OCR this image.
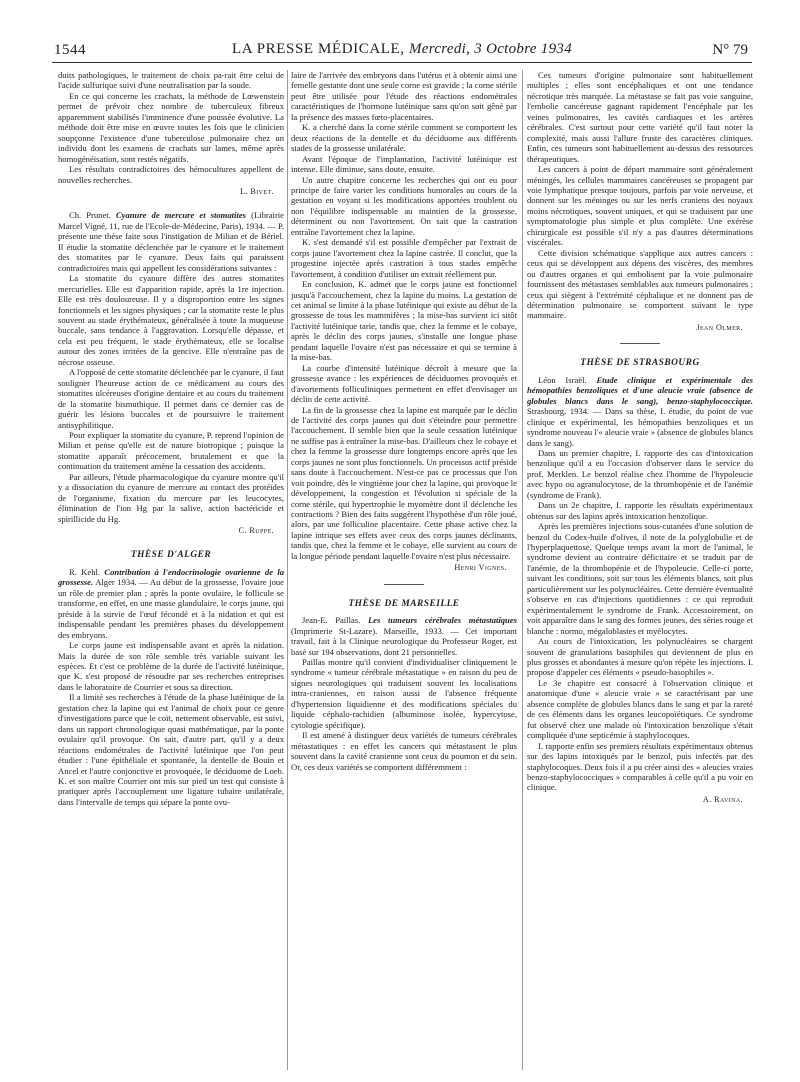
1544	LA PRESSE MÉDICALE, Mercredi, 3 Octobre 1934	N° 79

duits pathologiques, le traitement de choix pa-rait être celui de l'acide sulfurique suivi d'une neutralisation par la soude.

En ce qui concerne les crachats, la méthode de Lœwenstein permet de prévoir chez nombre de tuberculeux fibreux apparemment stabilisés l'imminence d'une poussée évolutive. La méthode doit être mise en œuvre toutes les fois que le clinicien soupçonne l'existence d'une tuberculose pulmonaire chez un individu dont les examens de crachats sur lames, même après homogénéisation, sont restés négatifs.

Les résultats contradictoires des hémocultures appellent de nouvelles recherches.

L. Bivet.

Ch. Prunet. Cyanure de mercure et stomatites (Librairie Marcel Vigné, 11, rue de l'Ecole-de-Médecine, Paris), 1934. — P. présente une thèse faite sous l'instigation de Milian et de Bériel. Il étudie la stomatite déclenchée par le cyanure et le traitement des stomatites par le cyanure. Deux faits qui paraissent contradictoires mais qui appellent les considérations suivantes :

La stomatite du cyanure diffère des autres stomatites mercurielles. Elle est d'apparition rapide, après la 1re injection. Elle est très douloureuse. Il y a disproportion entre les signes fonctionnels et les signes physiques ; car la stomatite reste le plus souvent au stade érythémateux, généralisée à toute la muqueuse buccale, sans tendance à l'aggravation. Lorsqu'elle dépasse, et cela est peu fréquent, le stade érythémateux, elle se localise autour des zones irritées de la gencive. Elle n'entraîne pas de nécrose osseuse.

A l'opposé de cette stomatite déclenchée par le cyanure, il faut souligner l'heureuse action de ce médicament au cours des stomatites ulcéreuses d'origine dentaire et au cours du traitement de la stomatite bismuthique. Il permet dans ce dernier cas de guérir les lésions buccales et de poursuivre le traitement antisyphilitique.

Pour expliquer la stomatite du cyanure, P. reprend l'opinion de Milian et pense qu'elle est de nature biotropique ; puisque la stomatite apparaît précocement, brutalement et que la continuation du traitement amène la cessation des accidents.

Par ailleurs, l'étude pharmacologique du cyanure montre qu'il y a dissociation du cyanure de mercure au contact des protéides de l'organisme, fixation du mercure par les leucocytes, élimination de l'ion Hg par la salive, action bactéricide et spirillicide du Hg.

C. Ruppe.
THÈSE D'ALGER

R. Kehl. Contribution à l'endocrinologie ovarienne de la grossesse. Alger 1934. — Au début de la grossesse, l'ovaire joue un rôle de premier plan ; après la ponte ovulaire, le follicule se transforme, en effet, en une masse glandulaire, le corps jaune, qui préside à la survie de l'œuf fécondé et à la nidation et qui est indispensable pendant les premières phases du développement des embryons.

Le corps jaune est indispensable avant et après la nidation. Mais la durée de son rôle semble très variable suivant les espèces. Et c'est ce problème de la durée de l'activité lutéinique, que K. s'est proposé de résoudre par ses recherches entreprises dans le laboratoire de Courrier et sous sa direction.

Il a limité ses recherches à l'étude de la phase lutéinique de la gestation chez la lapine qui est l'animal de choix pour ce genre d'investigations parce que le coït, nettement observable, est suivi, dans un rapport chronologique quasi mathématique, par la ponte ovulaire qu'il provoque. On sait, d'autre part, qu'il y a deux réactions endométrales de l'activité lutéinique que l'on peut étudier : l'une épithéliale et spontanée, la dentelle de Bouin et Ancel et l'autre conjonctive et provoquée, le déciduome de Loeb. K. et son maître Courrier ont mis sur pied un test qui consiste à pratiquer après l'accouplement une ligature tubaire unilatérale, dans l'intervalle de temps qui sépare la ponte ovu-

laire de l'arrivée des embryons dans l'utérus et à obtenir ainsi une femelle gestante dont une seule corne est gravide ; la corne stérile peut être utilisée pour l'étude des réactions endométrales caractéristiques de l'hormone lutéinique sans qu'on soit gêné par la présence des masses fœto-placentaires.

K. a cherché dans la corne stérile comment se comportent les deux réactions de la dentelle et du déciduome aux différents stades de la grossesse unilatérale.

Avant l'époque de l'implantation, l'activité lutéinique est intense. Elle diminue, sans doute, ensuite.

Un autre chapitre concerne les recherches qui ont eu pour principe de faire varier les conditions humorales au cours de la gestation en voyant si les modifications apportées troublent ou non l'équilibre indispensable au maintien de la grossesse, déterminent ou non l'avortement. On sait que la castration entraîne l'avortement chez la lapine.

K. s'est demandé s'il est possible d'empêcher par l'extrait de corps jaune l'avortement chez la lapine castrée. Il conclut, que la progestine injectée après castration à tous stades empêche l'avortement, à condition d'utiliser un extrait réellement pur.

En conclusion, K. admet que le corps jaune est fonctionnel jusqu'à l'accouchement, chez la lapine du moins. La gestation de cet animal se limite à la phase lutéinique qui existe au début de la grossesse de tous les mammifères ; la mise-bas survient ici sitôt l'activité lutéinique tarie, tandis que, chez la femme et le cobaye, après le déclin des corps jaunes, s'installe une longue phase pendant laquelle l'ovaire n'est pas nécessaire et qui se termine à la mise-bas.

La courbe d'intensité lutéinique décroît à mesure que la grossesse avance : les expériences de déciduomes provoqués et d'avortements folliculiniques permettent en effet d'envisager un déclin de cette activité.

La fin de la grossesse chez la lapine est marquée par le déclin de l'activité des corps jaunes qui doit s'éteindre pour permettre l'accouchement. Il semble bien que la seule cessation lutéinique ne suffise pas à entraîner la mise-bas. D'ailleurs chez le cobaye et chez la femme la grossesse dure longtemps encore après que les corps jaunes ne sont plus fonctionnels. Un processus actif préside sans doute à l'accouchement. N'est-ce pas ce processus que l'on voit poindre, dès le vingtième jour chez la lapine, qui provoque le développement, la congestion et l'évolution si spéciale de la corne stérile, qui hypertrophie le myomètre dont il déclenche les contractions ? Bien des faits suggèrent l'hypothèse d'un rôle joué, alors, par une folliculine placentaire. Cette phase active chez la lapine intrique ses effets avec ceux des corps jaunes déclinants, tandis que, chez la femme et le cobaye, elle survient au cours de la longue période pendant laquelle l'ovaire n'est plus nécessaire.

Henri Vignes.
THÈSE DE MARSEILLE

Jean-E. Paillas. Les tumeurs cérébrales métastatiques (Imprimerie St-Lazare). Marseille, 1933. — Cet important travail, fait à la Clinique neurologique du Professeur Roger, est basé sur 194 observations, dont 21 personnelles.

Paillas montre qu'il convient d'individualiser cliniquement le syndrome « tumeur cérébrale métastatique » en raison du peu de signes neurologiques qui traduisent souvent les localisations intra-craniennes, en raison aussi de l'absence fréquente d'hypertension liquidienne et des modifications spéciales du liquide céphalo-rachidien (albuminose isolée, hypercytose, cytologie spécifique).

Il est amené à distinguer deux variétés de tumeurs cérébrales métastatiques : en effet les cancers qui métastasent le plus souvent dans la cavité cranienne sont ceux du poumon et du sein. Or, ces deux variétés se comportent différemment :

Ces tumeurs d'origine pulmonaire sont habituellement multiples ; elles sont encéphaliques et ont une tendance nécrotique très marquée. La métastase se fait pas voie sanguine, l'embolie cancéreuse gagnant rapidement l'encéphale par les veines pulmonaires, les cavités cardiaques et les artères cérébrales. C'est surtout pour cette variété qu'il faut noter la complexité, mais aussi l'allure fruste des caractères cliniques. Enfin, ces tumeurs sont habituellement au-dessus des ressources thérapeutiques.

Les cancers à point de départ mammaire sont généralement méningés, les cellules mammaires cancéreuses se propagent par voie lymphatique presque toujours, parfois par voie nerveuse, et donnent sur les méninges ou sur les nerfs craniens des noyaux moins nécrotiques, souvent uniques, et qui se traduisent par une symptomatologie plus simple et plus complète. Une exérèse chirurgicale est possible s'il n'y a pas d'autres déterminations viscérales.

Cette division schématique s'applique aux autres cancers : ceux qui se développent aux dépens des viscères, des membres ou d'autres organes et qui embolisent par la voie pulmonaire fournissent des métastases semblables aux tumeurs pulmonaires ; ceux qui siègent à l'extrémité céphalique et ne donnent pas de détermination pulmonaire se comportent suivant le type mammaire.

Jean Olmer.
THÈSE DE STRASBOURG

Léon Israël. Etude clinique et expérimentale des hémopathies benzoliques et d'une aleucie vraie (absence de globules blancs dans le sang), benzo-staphylococcique. Strasbourg, 1934. — Dans sa thèse, I. étudie, du point de vue clinique et expérimental, les hémopathies benzoliques et un syndrome nouveau l'« aleucie vraie » (absence de globules blancs dans le sang).

Dans un premier chapitre, I. rapporte des cas d'intoxication benzolique qu'il a eu l'occasion d'observer dans le service du prof. Merklen. Le benzol réalise chez l'homme de l'hypoleucie avec hypo ou agranulocytose, de la thrombopénie et de l'anémie (syndrome de Frank).

Dans un 2e chapitre, I. rapporte les résultats expérimentaux obtenus sur des lapins après intoxication benzolique.

Après les premières injections sous-cutanées d'une solution de benzol du Codex-huile d'olives, il note de la polyglobulie et de l'hyperplaquettose. Quelque temps avant la mort de l'animal, le syndrome devient au contraire déficitaire et se traduit par de l'anémie, de la thrombopénie et de l'hypoleucie. Celle-ci porte, suivant les conditions, soit sur tous les éléments blancs, soit plus particulièrement sur les polynucléaires. Cette dernière éventualité s'observe en cas d'injections quotidiennes : ce qui reproduit expérimentalement le syndrome de Frank. Accessoirement, on voit apparaître dans le sang des formes jeunes, des séries rouge et blanche : normo, mégaloblastes et myélocytes.

Au cours de l'intoxication, les polynucléaires se chargent souvent de granulations basophiles qui deviennent de plus en plus grosses et abondantes à mesure qu'on répète les injections. I. propose d'appeler ces éléments « pseudo-basophiles ».

Le 3e chapitre est consacré à l'observation clinique et anatomique d'une « aleucie vraie » se caractérisant par une absence complète de globules blancs dans le sang et par la rareté de ces éléments dans les organes leucopoïétiques. Ce syndrome fut observé chez une malade où l'intoxication benzolique s'était compliquée d'une septicémie à staphylocoques.

I. rapporte enfin ses premiers résultats expérimentaux obtenus sur des lapins intoxiqués par le benzol, puis infectés par des staphylocoques. Deux fois il a pu créer ainsi des « aleucies vraies benzo-staphylococciques » comparables à celle qu'il a pu voir en clinique.

A. Ravina.
